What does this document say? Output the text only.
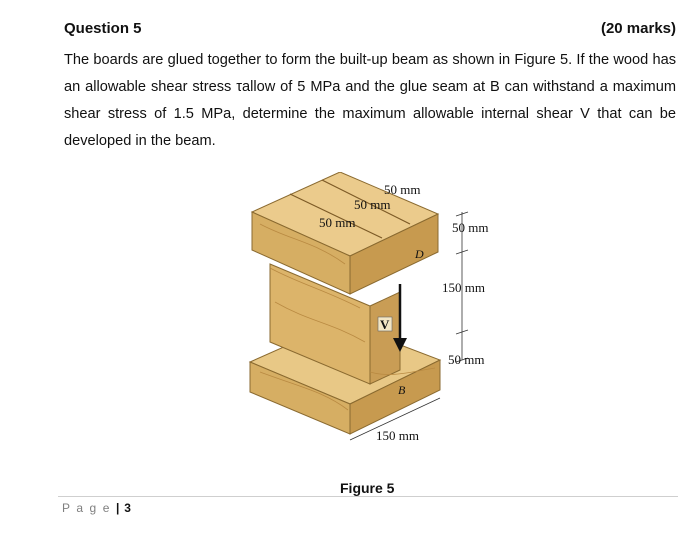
Question 5	(20 marks)
The boards are glued together to form the built-up beam as shown in Figure 5. If the wood has an allowable shear stress τallow of 5 MPa and the glue seam at B can withstand a maximum shear stress of 1.5 MPa, determine the maximum allowable internal shear V that can be developed in the beam.
50 mm
50 mm
50 mm	50 mm
150 mm
50 mm
150 mm
D
B
V
Figure 5
P a g e | 3
